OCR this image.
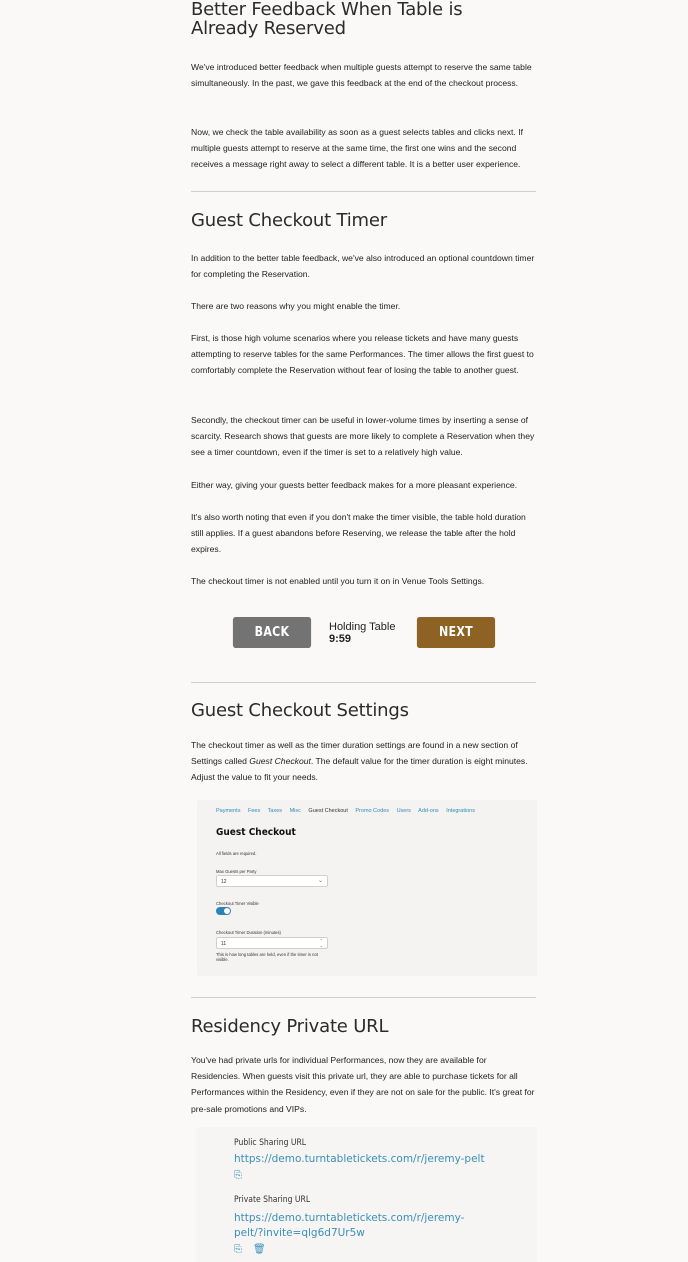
Better Feedback When Table is Already Reserved

We've introduced better feedback when multiple guests attempt to reserve the same table simultaneously. In the past, we gave this feedback at the end of the checkout process.

Now, we check the table availability as soon as a guest selects tables and clicks next. If multiple guests attempt to reserve at the same time, the first one wins and the second receives a message right away to select a different table. It is a better user experience.

Guest Checkout Timer

In addition to the better table feedback, we've also introduced an optional countdown timer for completing the Reservation.

There are two reasons why you might enable the timer.

First, is those high volume scenarios where you release tickets and have many guests attempting to reserve tables for the same Performances. The timer allows the first guest to comfortably complete the Reservation without fear of losing the table to another guest.

Secondly, the checkout timer can be useful in lower-volume times by inserting a sense of scarcity. Research shows that guests are more likely to complete a Reservation when they see a timer countdown, even if the timer is set to a relatively high value.

Either way, giving your guests better feedback makes for a more pleasant experience.

It's also worth noting that even if you don't make the timer visible, the table hold duration still applies. If a guest abandons before Reserving, we release the table after the hold expires.

The checkout timer is not enabled until you turn it on in Venue Tools Settings.

BACK	Holding Table
9:59	NEXT
Guest Checkout Settings

The checkout timer as well as the timer duration settings are found in a new section of Settings called Guest Checkout. The default value for the timer duration is eight minutes. Adjust the value to fit your needs.

Payments Fees Taxes Misc Guest Checkout Promo Codes Users Add-ons Integrations
Guest Checkout
All fields are required.
Max Guests per Party
12	⌄
Checkout Timer Visible
Checkout Timer Duration (minutes)
11
⌃
⌄
This is how long tables are held, even if the timer is not visible.
Residency Private URL

You've had private urls for individual Performances, now they are available for Residencies. When guests visit this private url, they are able to purchase tickets for all Performances within the Residency, even if they are not on sale for the public. It's great for pre-sale promotions and VIPs.

Public Sharing URL
https://demo.turntabletickets.com/r/jeremy-pelt
⎘
Private Sharing URL
https://demo.turntabletickets.com/r/jeremy-pelt/?invite=qlg6d7Ur5w
⎘ 🗑
